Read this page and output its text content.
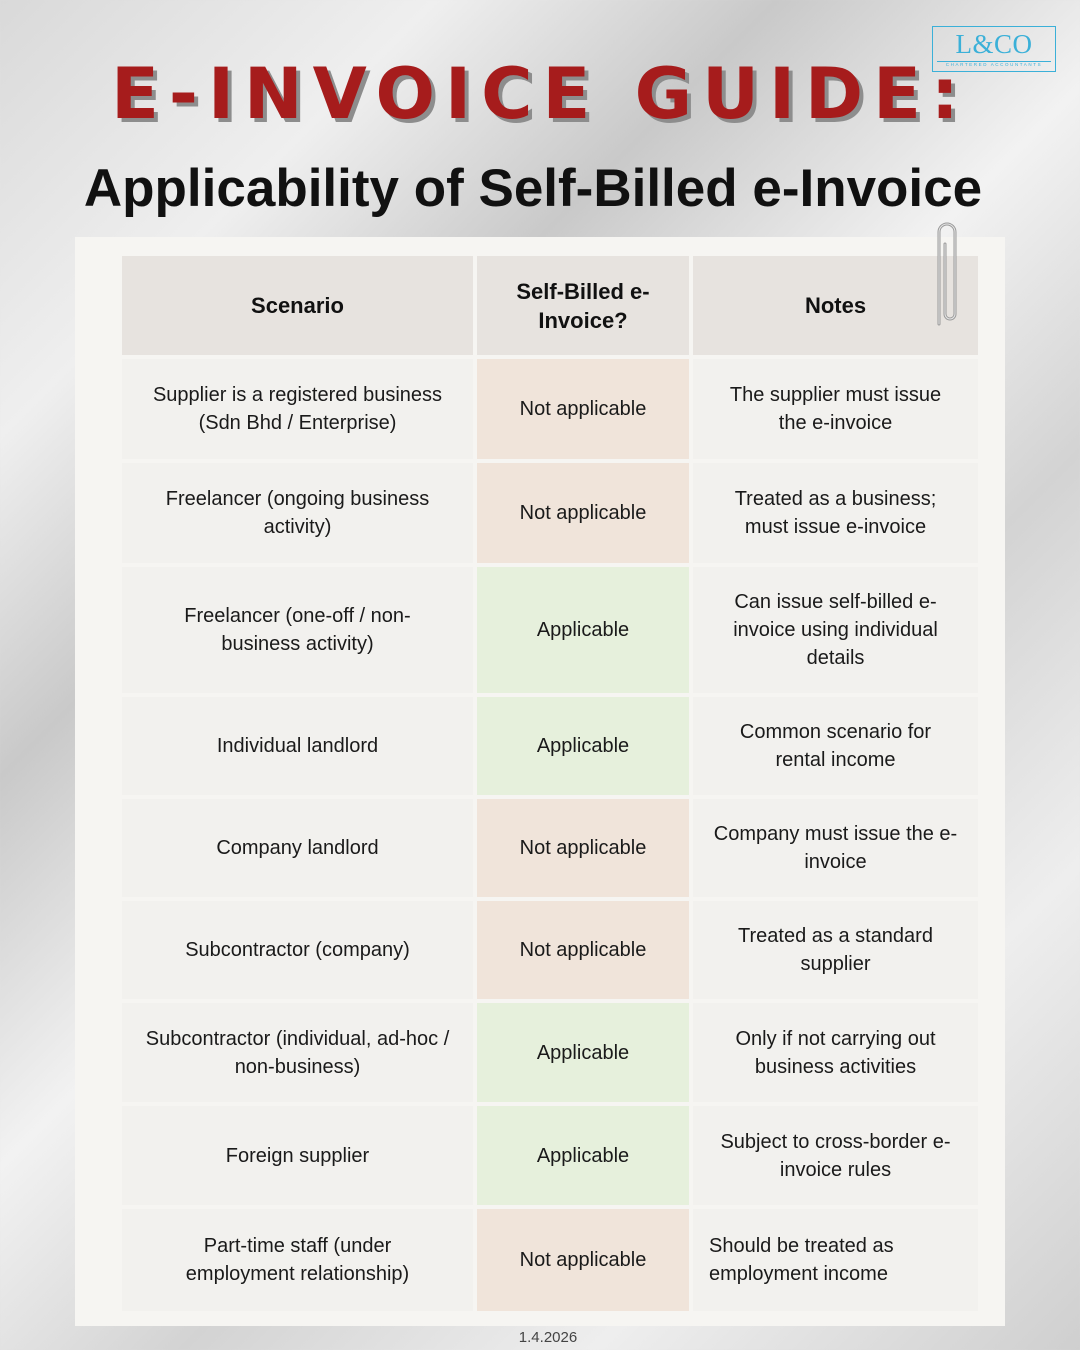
L&CO
CHARTERED ACCOUNTANTS
E-INVOICE GUIDE:
Applicability of Self-Billed e-Invoice
Scenario	Self-Billed e-Invoice?	Notes
Supplier is a registered business (Sdn Bhd / Enterprise)	Not applicable	The supplier must issue the e-invoice
Freelancer (ongoing business activity)	Not applicable	Treated as a business; must issue e-invoice
Freelancer (one-off / non-business activity)	Applicable	Can issue self-billed e-invoice using individual details
Individual landlord	Applicable	Common scenario for rental income
Company landlord	Not applicable	Company must issue the e-invoice
Subcontractor (company)	Not applicable	Treated as a standard supplier
Subcontractor (individual, ad-hoc / non-business)	Applicable	Only if not carrying out business activities
Foreign supplier	Applicable	Subject to cross-border e-invoice rules
Part-time staff (under employment relationship)	Not applicable	Should be treated as employment income
1.4.2026
